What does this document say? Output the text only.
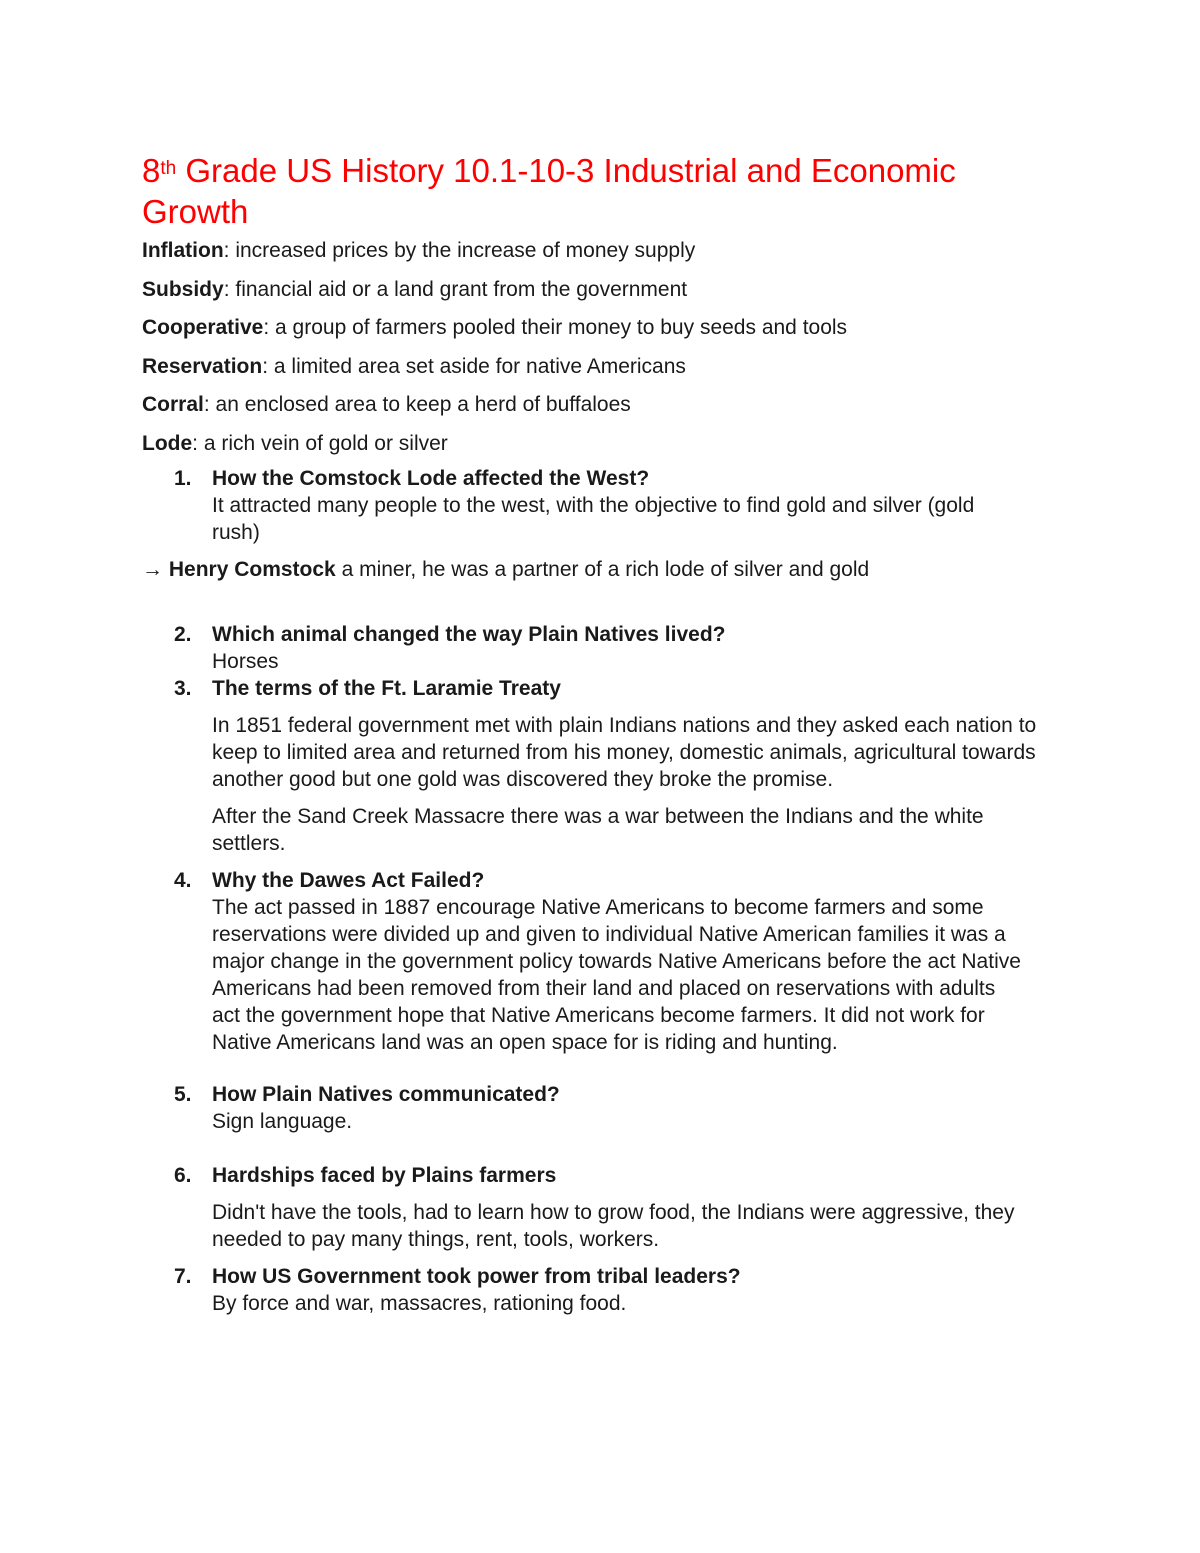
8th Grade US History 10.1-10-3 Industrial and Economic Growth

Inflation: increased prices by the increase of money supply

Subsidy: financial aid or a land grant from the government

Cooperative: a group of farmers pooled their money to buy seeds and tools

Reservation: a limited area set aside for native Americans

Corral: an enclosed area to keep a herd of buffaloes

Lode: a rich vein of gold or silver

1. How the Comstock Lode affected the West?
It attracted many people to the west, with the objective to find gold and silver (gold rush)
→ Henry Comstock a miner, he was a partner of a rich lode of silver and gold
2. Which animal changed the way Plain Natives lived?
Horses
3. The terms of the Ft. Laramie Treaty
In 1851 federal government met with plain Indians nations and they asked each nation to keep to limited area and returned from his money, domestic animals, agricultural towards another good but one gold was discovered they broke the promise.
After the Sand Creek Massacre there was a war between the Indians and the white settlers.
4. Why the Dawes Act Failed?
The act passed in 1887 encourage Native Americans to become farmers and some reservations were divided up and given to individual Native American families it was a major change in the government policy towards Native Americans before the act Native Americans had been removed from their land and placed on reservations with adults act the government hope that Native Americans become farmers. It did not work for Native Americans land was an open space for is riding and hunting.
5. How Plain Natives communicated?
Sign language.
6. Hardships faced by Plains farmers
Didn't have the tools, had to learn how to grow food, the Indians were aggressive, they needed to pay many things, rent, tools, workers.
7. How US Government took power from tribal leaders?
By force and war, massacres, rationing food.
